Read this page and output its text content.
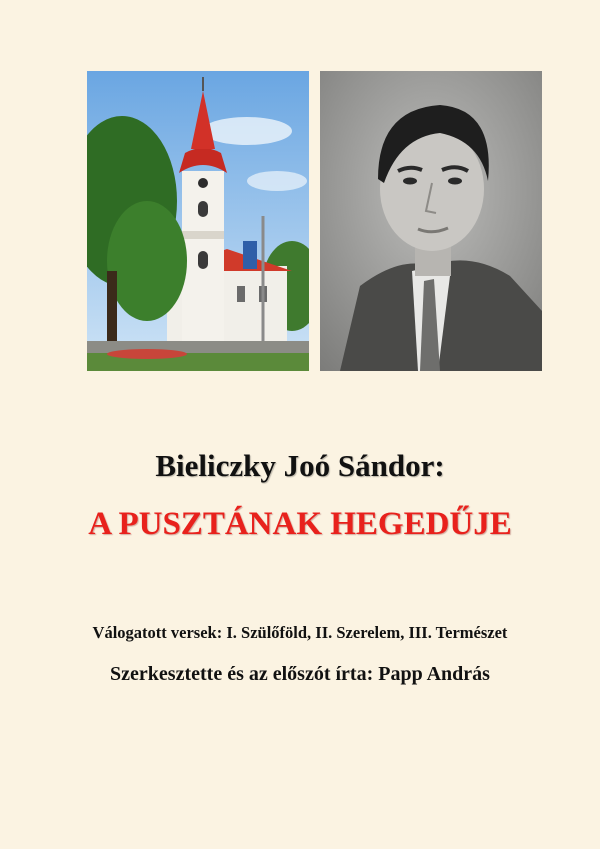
Bieliczky Joó Sándor:
A PUSZTÁNAK HEGEDŰJE

Válogatott versek: I. Szülőföld, II. Szerelem, III. Természet

Szerkesztette és az előszót írta: Papp András
